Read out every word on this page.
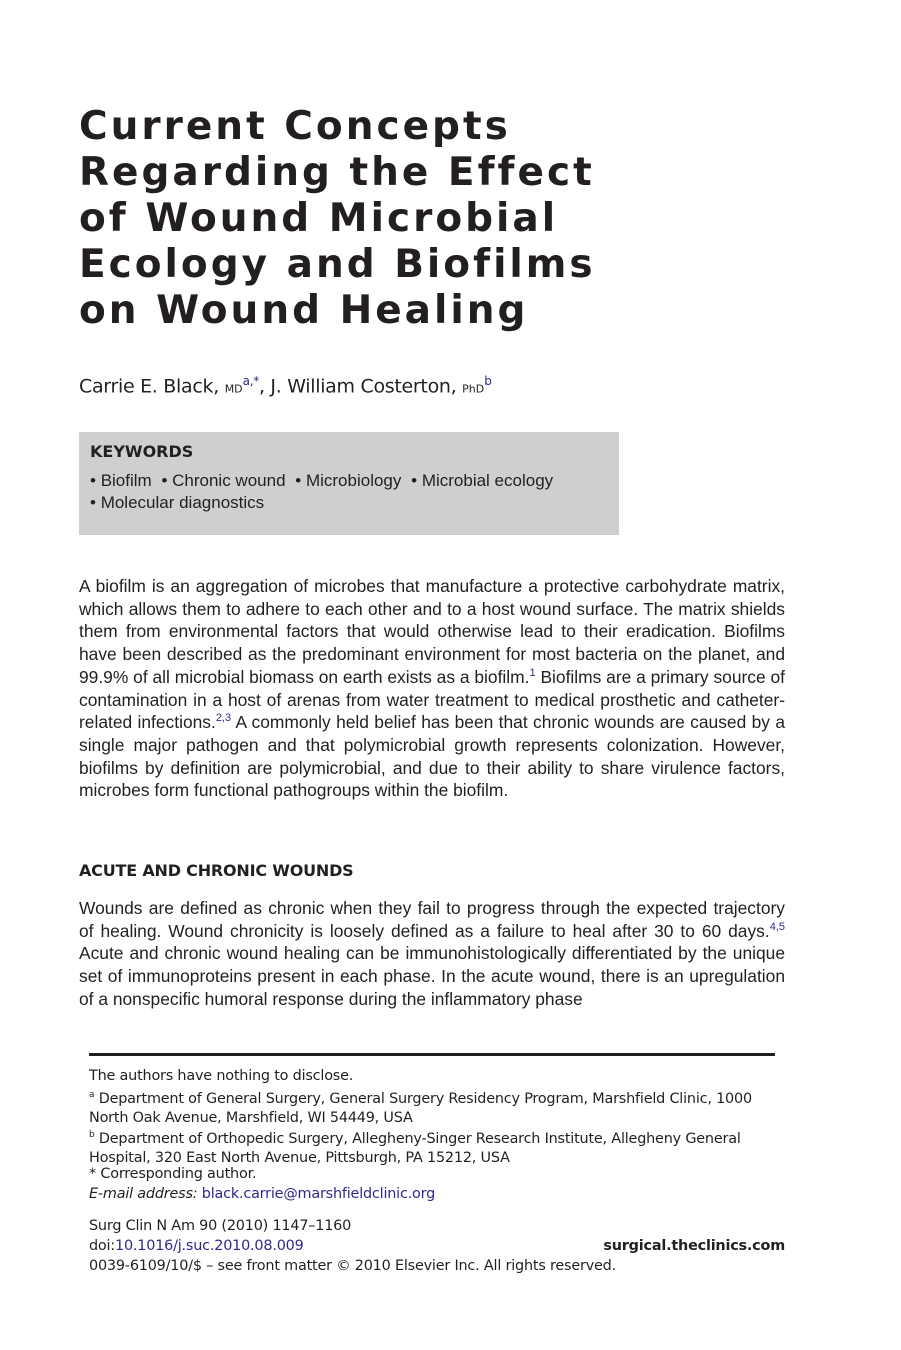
Current Concepts
Regarding the Effect
of Wound Microbial
Ecology and Biofilms
on Wound Healing
Carrie E. Black, $MD^{a,*}$, J. William Costerton, PhD$^b$
KEYWORDS
• Biofilm • Chronic wound • Microbiology • Microbial ecology
• Molecular diagnostics

A biofilm is an aggregation of microbes that manufacture a protective carbohydrate matrix, which allows them to adhere to each other and to a host wound surface. The matrix shields them from environmental factors that would otherwise lead to their eradication. Biofilms have been described as the predominant environment for most bacteria on the planet, and 99.9% of all microbial biomass on earth exists as a biofilm.$^1$ Biofilms are a primary source of contamination in a host of arenas from water treatment to medical prosthetic and catheter-related infections.$^{2,3}$ A commonly held belief has been that chronic wounds are caused by a single major pathogen and that polymicrobial growth represents colonization. However, biofilms by definition are polymicrobial, and due to their ability to share virulence factors, microbes form functional pathogroups within the biofilm.

ACUTE AND CHRONIC WOUNDS

Wounds are defined as chronic when they fail to progress through the expected trajectory of healing. Wound chronicity is loosely defined as a failure to heal after 30 to 60 days.$^{4,5}$ Acute and chronic wound healing can be immunohistologically differentiated by the unique set of immunoproteins present in each phase. In the acute wound, there is an upregulation of a nonspecific humoral response during the inflammatory phase

The authors have nothing to disclose.
$^a$ Department of General Surgery, General Surgery Residency Program, Marshfield Clinic, 1000 North Oak Avenue, Marshfield, WI 54449, USA
$^b$ Department of Orthopedic Surgery, Allegheny-Singer Research Institute, Allegheny General Hospital, 320 East North Avenue, Pittsburgh, PA 15212, USA
* Corresponding author.
E-mail address: black.carrie@marshfieldclinic.org
Surg Clin N Am 90 (2010) 1147–1160
doi:10.1016/j.suc.2010.08.009	surgical.theclinics.com
0039-6109/10/$ – see front matter © 2010 Elsevier Inc. All rights reserved.
